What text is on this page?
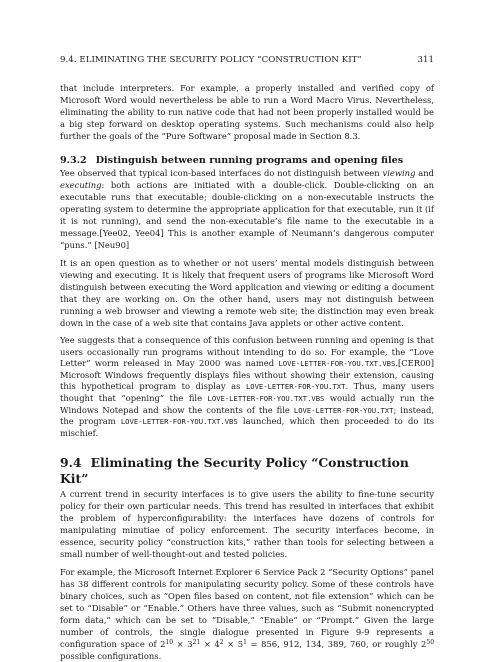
9.4. ELIMINATING THE SECURITY POLICY “CONSTRUCTION KIT”	311

that include interpreters. For example, a properly installed and verified copy of Microsoft Word would nevertheless be able to run a Word Macro Virus. Nevertheless, eliminating the ability to run native code that had not been properly installed would be a big step forward on desktop operating systems. Such mechanisms could also help further the goals of the “Pure Software” proposal made in Section 8.3.

9.3.2 Distinguish between running programs and opening files

Yee observed that typical icon-based interfaces do not distinguish between viewing and executing: both actions are initiated with a double-click. Double-clicking on an executable runs that executable; double-clicking on a non-executable instructs the operating system to determine the appropriate application for that executable, run it (if it is not running), and send the non-executable’s file name to the executable in a message.[Yee02, Yee04] This is another example of Neumann’s dangerous computer “puns.” [Neu90]

It is an open question as to whether or not users’ mental models distinguish between viewing and executing. It is likely that frequent users of programs like Microsoft Word distinguish between executing the Word application and viewing or editing a document that they are working on. On the other hand, users may not distinguish between running a web browser and viewing a remote web site; the distinction may even break down in the case of a web site that contains Java applets or other active content.

Yee suggests that a consequence of this confusion between running and opening is that users occasionally run programs without intending to do so. For example, the “Love Letter” worm released in May 2000 was named LOVE-LETTER-FOR-YOU.TXT.VBS.[CER00] Microsoft Windows frequently displays files without showing their extension, causing this hypothetical program to display as LOVE-LETTER-FOR-YOU.TXT. Thus, many users thought that “opening” the file LOVE-LETTER-FOR-YOU.TXT.VBS would actually run the Windows Notepad and show the contents of the file LOVE-LETTER-FOR-YOU.TXT; instead, the program LOVE-LETTER-FOR-YOU.TXT.VBS launched, which then proceeded to do its mischief.

9.4 Eliminating the Security Policy “Construction Kit”

A current trend in security interfaces is to give users the ability to fine-tune security policy for their own particular needs. This trend has resulted in interfaces that exhibit the problem of hyperconfigurability: the interfaces have dozens of controls for manipulating minutiae of policy enforcement. The security interfaces become, in essence, security policy “construction kits,” rather than tools for selecting between a small number of well-thought-out and tested policies.

For example, the Microsoft Internet Explorer 6 Service Pack 2 “Security Options” panel has 38 different controls for manipulating security policy. Some of these controls have binary choices, such as “Open files based on content, not file extension” which can be set to “Disable” or “Enable.” Others have three values, such as “Submit nonencrypted form data,” which can be set to “Disable,” “Enable” or “Prompt.” Given the large number of controls, the single dialogue presented in Figure 9-9 represents a configuration space of $2^{10} \times 3^{21} \times 4^2 \times 5^1 = 856$, 912, 134, 389, 760, or roughly $2^{50}$ possible configurations.
